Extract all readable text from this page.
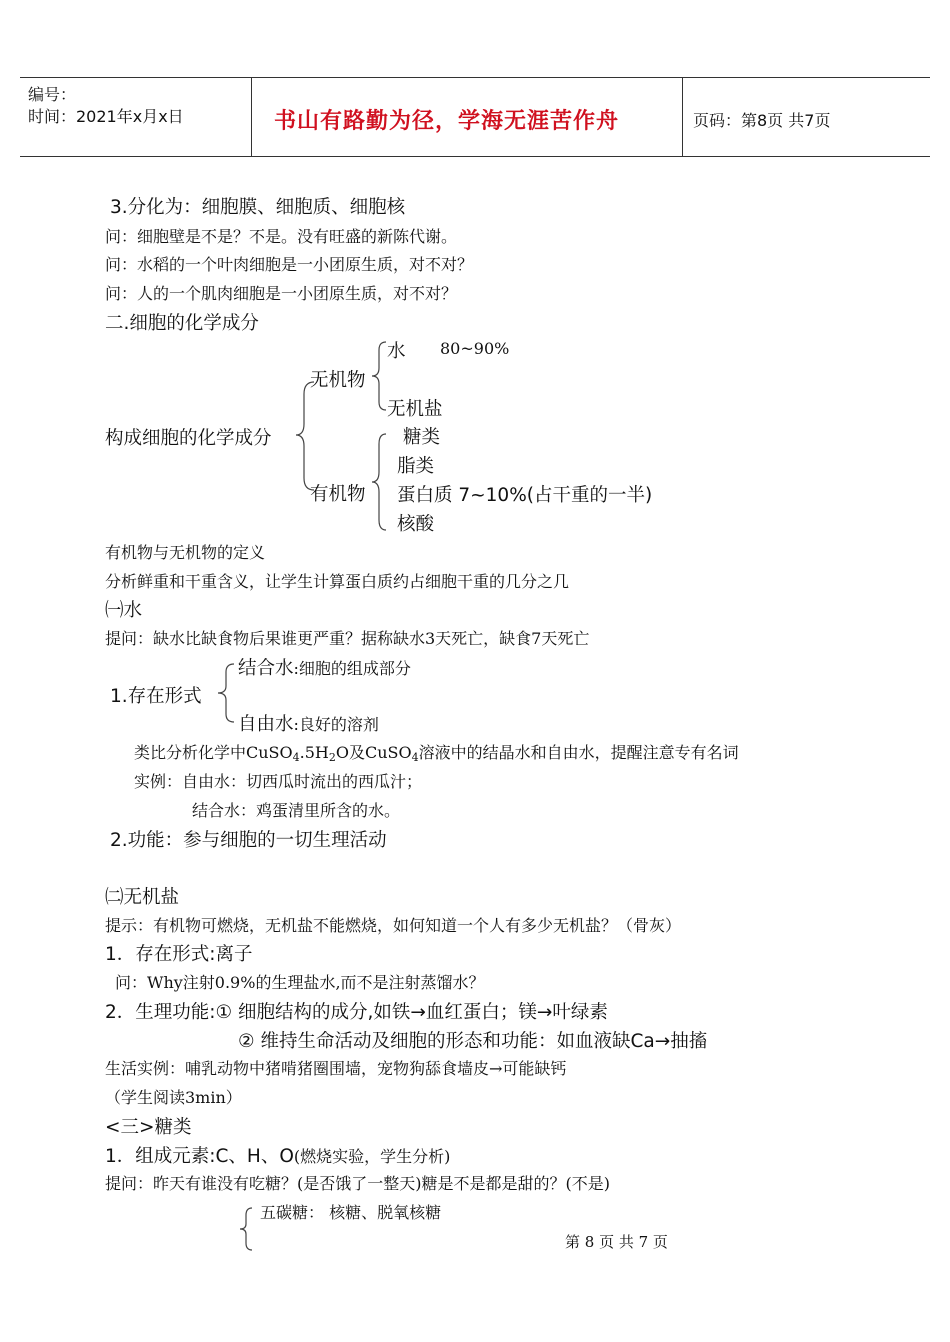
编号：
时间：2021年x月x日	书山有路勤为径，学海无涯苦作舟	页码：第8页 共7页
3.分化为：细胞膜、细胞质、细胞核
问：细胞壁是不是？不是。没有旺盛的新陈代谢。
问：水稻的一个叶肉细胞是一小团原生质，对不对？
问：人的一个肌肉细胞是一小团原生质，对不对？
二.细胞的化学成分
构成细胞的化学成分
无机物
水 80~90%
无机盐
有机物
糖类
脂类
蛋白质 7~10%(占干重的一半)
核酸
有机物与无机物的定义
分析鲜重和干重含义，让学生计算蛋白质约占细胞干重的几分之几
㈠水
提问：缺水比缺食物后果谁更严重？据称缺水3天死亡，缺食7天死亡
1.存在形式
结合水:细胞的组成部分
自由水:良好的溶剂
类比分析化学中$CuSO_4.5H_2O$及CuSO$_4$溶液中的结晶水和自由水，提醒注意专有名词
实例：自由水：切西瓜时流出的西瓜汁；
结合水：鸡蛋清里所含的水。
2.功能：参与细胞的一切生理活动
㈡无机盐
提示：有机物可燃烧，无机盐不能燃烧，如何知道一个人有多少无机盐？（骨灰）
1．存在形式:离子
问：Why注射0.9%的生理盐水,而不是注射蒸馏水？
2．生理功能:① 细胞结构的成分,如铁→血红蛋白；镁→叶绿素
② 维持生命活动及细胞的形态和功能：如血液缺Ca→抽搐
生活实例：哺乳动物中猪啃猪圈围墙，宠物狗舔食墙皮→可能缺钙
（学生阅读3min）
<三>糖类
1．组成元素:C、H、O(燃烧实验，学生分析)
提问：昨天有谁没有吃糖？(是否饿了一整天)糖是不是都是甜的？(不是)
五碳糖： 核糖、脱氧核糖
第 8 页 共 7 页
